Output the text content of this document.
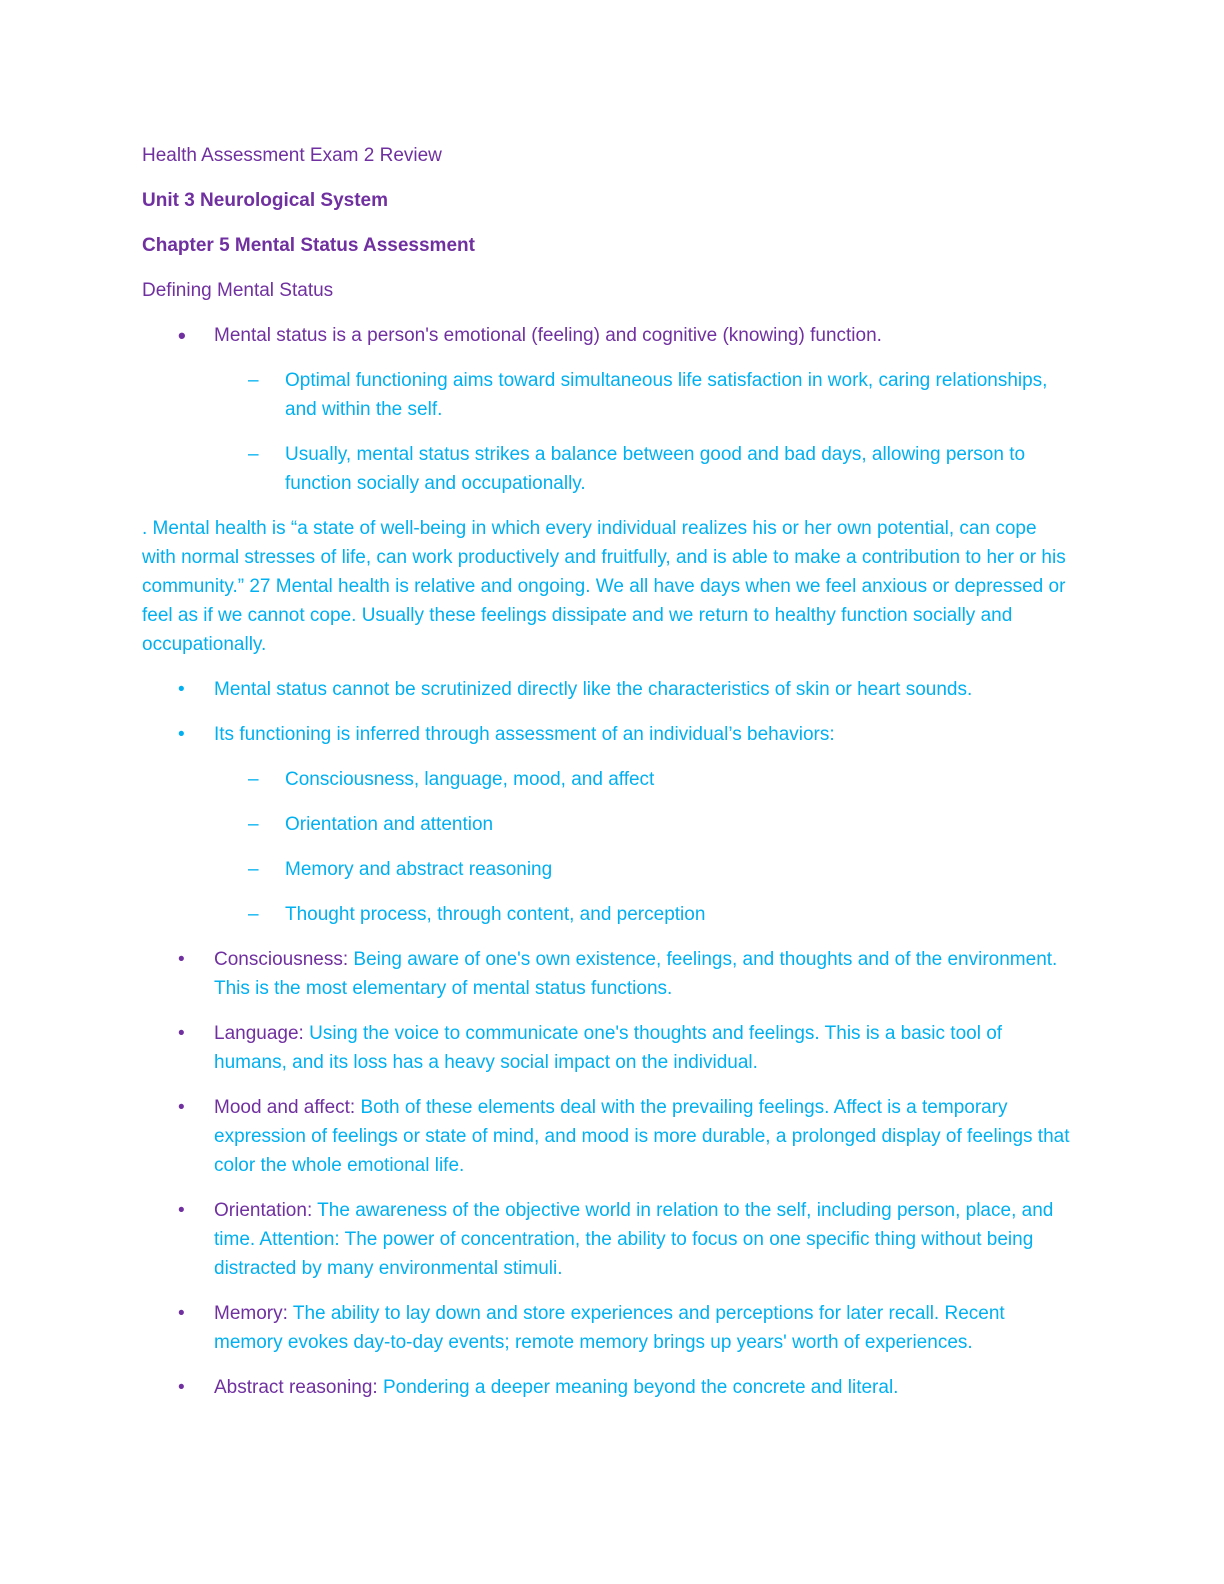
Health Assessment Exam 2 Review

Unit 3 Neurological System

Chapter 5 Mental Status Assessment

Defining Mental Status

•	Mental status is a person's emotional (feeling) and cognitive (knowing) function.
– Optimal functioning aims toward simultaneous life satisfaction in work, caring relationships, and within the self.
– Usually, mental status strikes a balance between good and bad days, allowing person to function socially and occupationally.

. Mental health is “a state of well-being in which every individual realizes his or her own potential, can cope with normal stresses of life, can work productively and fruitfully, and is able to make a contribution to her or his community.” 27 Mental health is relative and ongoing. We all have days when we feel anxious or depressed or feel as if we cannot cope. Usually these feelings dissipate and we return to healthy function socially and occupationally.

•	Mental status cannot be scrutinized directly like the characteristics of skin or heart sounds.
•	Its functioning is inferred through assessment of an individual’s behaviors:
– Consciousness, language, mood, and affect
– Orientation and attention
– Memory and abstract reasoning
– Thought process, through content, and perception
•	Consciousness: Being aware of one's own existence, feelings, and thoughts and of the environment. This is the most elementary of mental status functions.
•	Language: Using the voice to communicate one's thoughts and feelings. This is a basic tool of humans, and its loss has a heavy social impact on the individual.
•	Mood and affect: Both of these elements deal with the prevailing feelings. Affect is a temporary expression of feelings or state of mind, and mood is more durable, a prolonged display of feelings that color the whole emotional life.
•	Orientation: The awareness of the objective world in relation to the self, including person, place, and time. Attention: The power of concentration, the ability to focus on one specific thing without being distracted by many environmental stimuli.
•	Memory: The ability to lay down and store experiences and perceptions for later recall. Recent memory evokes day-to-day events; remote memory brings up years' worth of experiences.
•	Abstract reasoning: Pondering a deeper meaning beyond the concrete and literal.
